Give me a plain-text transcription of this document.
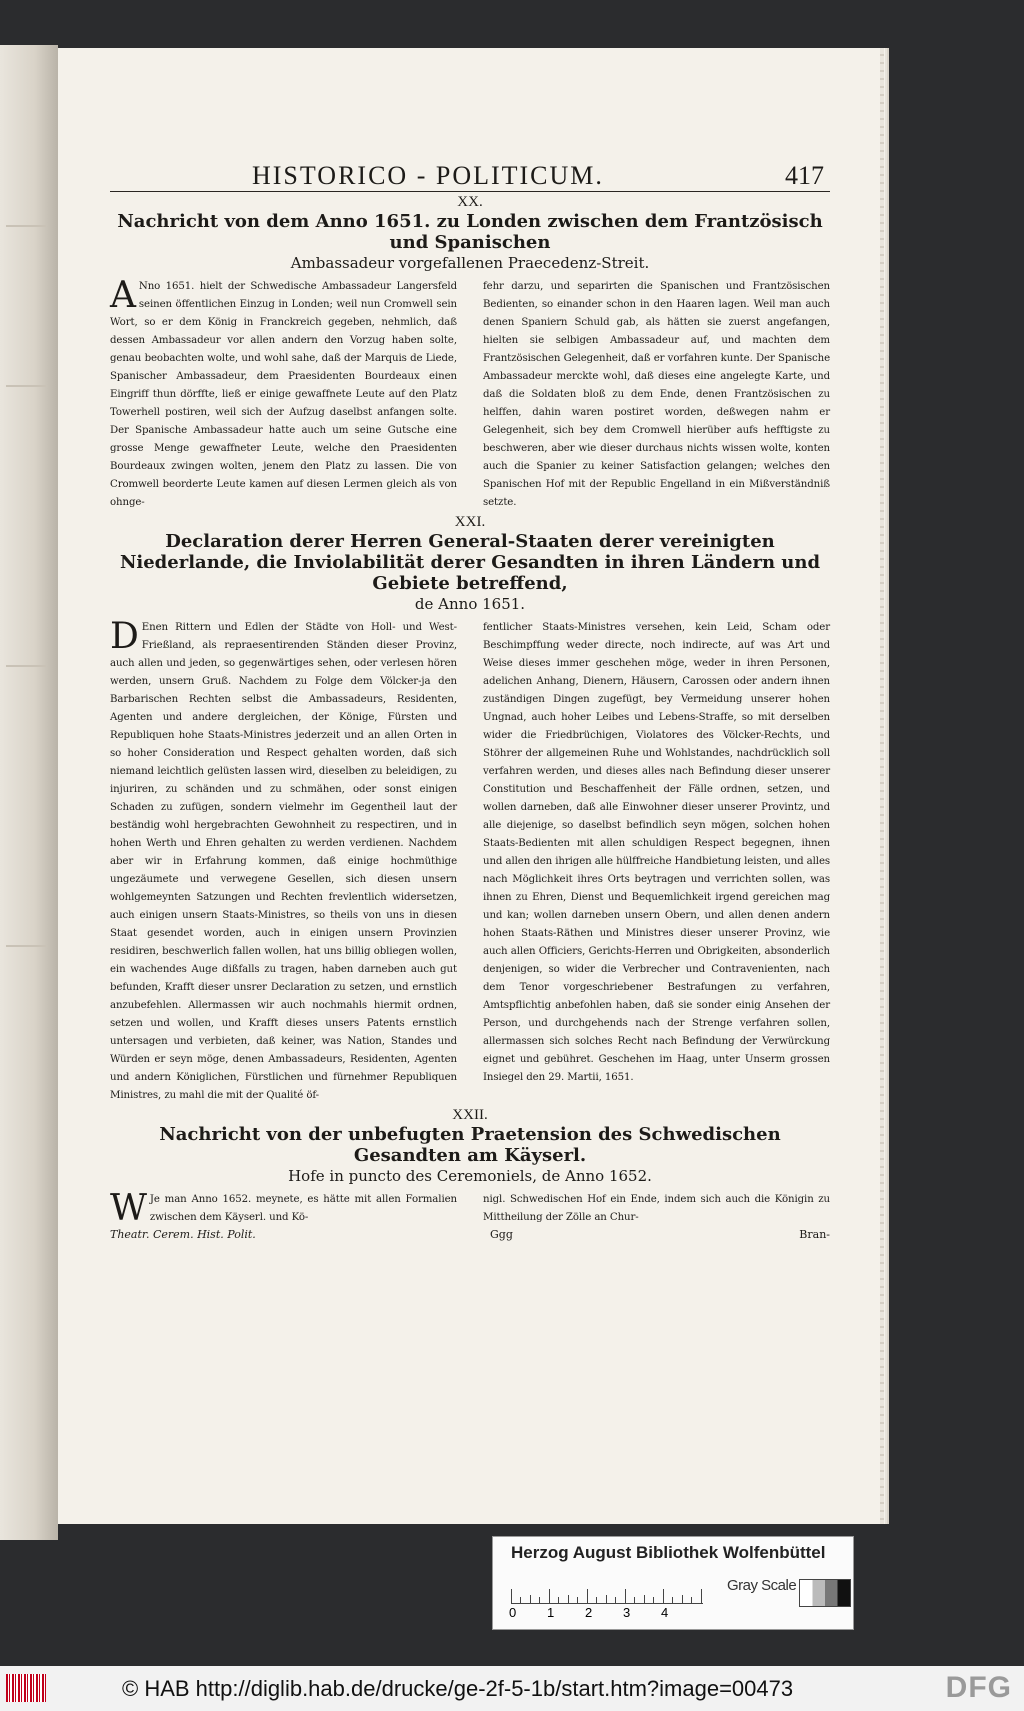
HISTORICO - POLITICUM.	417
XX.
Nachricht von dem Anno 1651. zu Londen zwischen dem Frantzösisch und Spanischen
Ambassadeur vorgefallenen Praecedenz-Streit.
A Nno 1651. hielt der Schwedische Ambassadeur Langersfeld seinen öffentlichen Einzug in Londen; weil nun Cromwell sein Wort, so er dem König in Franckreich gegeben, nehmlich, daß dessen Ambassadeur vor allen andern den Vorzug haben solte, genau beobachten wolte, und wohl sahe, daß der Marquis de Liede, Spanischer Ambassadeur, dem Praesidenten Bourdeaux einen Eingriff thun dörffte, ließ er einige gewaffnete Leute auf den Platz Towerhell postiren, weil sich der Aufzug daselbst anfangen solte. Der Spanische Ambassadeur hatte auch um seine Gutsche eine grosse Menge gewaffneter Leute, welche den Praesidenten Bourdeaux zwingen wolten, jenem den Platz zu lassen. Die von Cromwell beorderte Leute kamen auf diesen Lermen gleich als von ohnge-
fehr darzu, und separirten die Spanischen und Frantzösischen Bedienten, so einander schon in den Haaren lagen. Weil man auch denen Spaniern Schuld gab, als hätten sie zuerst angefangen, hielten sie selbigen Ambassadeur auf, und machten dem Frantzösischen Gelegenheit, daß er vorfahren kunte. Der Spanische Ambassadeur merckte wohl, daß dieses eine angelegte Karte, und daß die Soldaten bloß zu dem Ende, denen Frantzösischen zu helffen, dahin waren postiret worden, deßwegen nahm er Gelegenheit, sich bey dem Cromwell hierüber aufs hefftigste zu beschweren, aber wie dieser durchaus nichts wissen wolte, konten auch die Spanier zu keiner Satisfaction gelangen; welches den Spanischen Hof mit der Republic Engelland in ein Mißverständniß setzte.
XXI.
Declaration derer Herren General-Staaten derer vereinigten Niederlande, die Inviolabilität derer Gesandten in ihren Ländern und Gebiete betreffend,
de Anno 1651.
D Enen Rittern und Edlen der Städte von Holl- und West-Frießland, als repraesentirenden Ständen dieser Provinz, auch allen und jeden, so gegenwärtiges sehen, oder verlesen hören werden, unsern Gruß. Nachdem zu Folge dem Völcker-ja den Barbarischen Rechten selbst die Ambassadeurs, Residenten, Agenten und andere dergleichen, der Könige, Fürsten und Republiquen hohe Staats-Ministres jederzeit und an allen Orten in so hoher Consideration und Respect gehalten worden, daß sich niemand leichtlich gelüsten lassen wird, dieselben zu beleidigen, zu injuriren, zu schänden und zu schmähen, oder sonst einigen Schaden zu zufügen, sondern vielmehr im Gegentheil laut der beständig wohl hergebrachten Gewohnheit zu respectiren, und in hohen Werth und Ehren gehalten zu werden verdienen. Nachdem aber wir in Erfahrung kommen, daß einige hochmüthige ungezäumete und verwegene Gesellen, sich diesen unsern wohlgemeynten Satzungen und Rechten frevlentlich widersetzen, auch einigen unsern Staats-Ministres, so theils von uns in diesen Staat gesendet worden, auch in einigen unsern Provinzien residiren, beschwerlich fallen wollen, hat uns billig obliegen wollen, ein wachendes Auge dißfalls zu tragen, haben darneben auch gut befunden, Krafft dieser unsrer Declaration zu setzen, und ernstlich anzubefehlen. Allermassen wir auch nochmahls hiermit ordnen, setzen und wollen, und Krafft dieses unsers Patents ernstlich untersagen und verbieten, daß keiner, was Nation, Standes und Würden er seyn möge, denen Ambassadeurs, Residenten, Agenten und andern Königlichen, Fürstlichen und fürnehmer Republiquen Ministres, zu mahl die mit der Qualité öf-
fentlicher Staats-Ministres versehen, kein Leid, Scham oder Beschimpffung weder directe, noch indirecte, auf was Art und Weise dieses immer geschehen möge, weder in ihren Personen, adelichen Anhang, Dienern, Häusern, Carossen oder andern ihnen zuständigen Dingen zugefügt, bey Vermeidung unserer hohen Ungnad, auch hoher Leibes und Lebens-Straffe, so mit derselben wider die Friedbrüchigen, Violatores des Völcker-Rechts, und Stöhrer der allgemeinen Ruhe und Wohlstandes, nachdrücklich soll verfahren werden, und dieses alles nach Befindung dieser unserer Constitution und Beschaffenheit der Fälle ordnen, setzen, und wollen darneben, daß alle Einwohner dieser unserer Provintz, und alle diejenige, so daselbst befindlich seyn mögen, solchen hohen Staats-Bedienten mit allen schuldigen Respect begegnen, ihnen und allen den ihrigen alle hülffreiche Handbietung leisten, und alles nach Möglichkeit ihres Orts beytragen und verrichten sollen, was ihnen zu Ehren, Dienst und Bequemlichkeit irgend gereichen mag und kan; wollen darneben unsern Obern, und allen denen andern hohen Staats-Räthen und Ministres dieser unserer Provinz, wie auch allen Officiers, Gerichts-Herren und Obrigkeiten, absonderlich denjenigen, so wider die Verbrecher und Contravenienten, nach dem Tenor vorgeschriebener Bestrafungen zu verfahren, Amtspflichtig anbefohlen haben, daß sie sonder einig Ansehen der Person, und durchgehends nach der Strenge verfahren sollen, allermassen sich solches Recht nach Befindung der Verwürckung eignet und gebühret. Geschehen im Haag, unter Unserm grossen Insiegel den 29. Martii, 1651.
XXII.
Nachricht von der unbefugten Praetension des Schwedischen Gesandten am Käyserl.
Hofe in puncto des Ceremoniels, de Anno 1652.
W Je man Anno 1652. meynete, es hätte mit allen Formalien zwischen dem Käyserl. und Kö-
nigl. Schwedischen Hof ein Ende, indem sich auch die Königin zu Mittheilung der Zölle an Chur-
Theatr. Cerem. Hist. Polit.	Ggg	Bran-
Herzog August Bibliothek Wolfenbüttel
0 1 2 3 4
Gray Scale
© HAB http://diglib.hab.de/drucke/ge-2f-5-1b/start.htm?image=00473	DFG
